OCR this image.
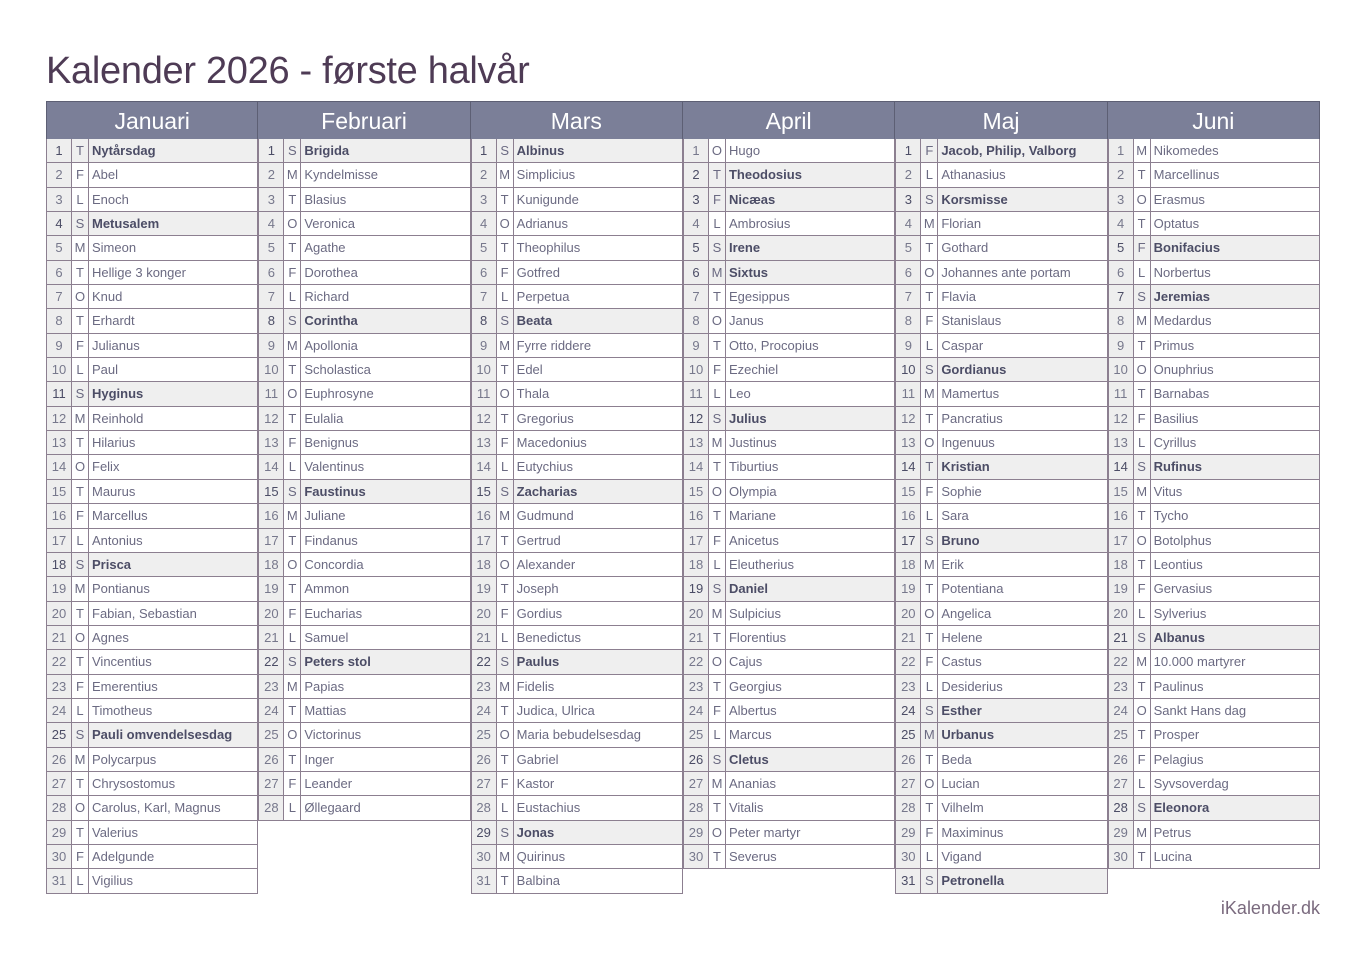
Kalender 2026 - første halvår
Januari
1	T Nytårsdag
2	F Abel
3	L Enoch
4	S Metusalem
5 M Simeon
6	T Hellige 3 konger
7 O Knud
8	T Erhardt
9	F Julianus
10 L Paul
11 S Hyginus
12 M Reinhold
13 T Hilarius
14 O Felix
15 T Maurus
16 F Marcellus
17 L Antonius
18 S Prisca
19 M Pontianus
20 T Fabian, Sebastian
21 O Agnes
22 T Vincentius
23 F Emerentius
24 L Timotheus
25 S Pauli omvendelsesdag
26 M Polycarpus
27 T Chrysostomus
28 O Carolus, Karl, Magnus
29 T Valerius
30 F Adelgunde
31 L Vigilius
Februari
1	S Brigida
2 M Kyndelmisse
3	T Blasius
4 O Veronica
5	T Agathe
6	F Dorothea
7	L Richard
8	S Corintha
9 M Apollonia
10 T Scholastica
11 O Euphrosyne
12 T Eulalia
13 F Benignus
14 L Valentinus
15 S Faustinus
16 M Juliane
17 T Findanus
18 O Concordia
19 T Ammon
20 F Eucharias
21 L Samuel
22 S Peters stol
23 M Papias
24 T Mattias
25 O Victorinus
26 T Inger
27 F Leander
28 L Øllegaard
Mars
1	S Albinus
2 M Simplicius
3	T Kunigunde
4 O Adrianus
5	T Theophilus
6	F Gotfred
7	L Perpetua
8	S Beata
9 M Fyrre riddere
10 T Edel
11 O Thala
12 T Gregorius
13 F Macedonius
14 L Eutychius
15 S Zacharias
16 M Gudmund
17 T Gertrud
18 O Alexander
19 T Joseph
20 F Gordius
21 L Benedictus
22 S Paulus
23 M Fidelis
24 T Judica, Ulrica
25 O Maria bebudelsesdag
26 T Gabriel
27 F Kastor
28 L Eustachius
29 S Jonas
30 M Quirinus
31 T Balbina
April
1 O Hugo
2	T Theodosius
3	F Nicæas
4	L Ambrosius
5	S Irene
6 M Sixtus
7	T Egesippus
8 O Janus
9	T Otto, Procopius
10 F Ezechiel
11 L Leo
12 S Julius
13 M Justinus
14 T Tiburtius
15 O Olympia
16 T Mariane
17 F Anicetus
18 L Eleutherius
19 S Daniel
20 M Sulpicius
21 T Florentius
22 O Cajus
23 T Georgius
24 F Albertus
25 L Marcus
26 S Cletus
27 M Ananias
28 T Vitalis
29 O Peter martyr
30 T Severus
Maj
1	F Jacob, Philip, Valborg
2	L Athanasius
3	S Korsmisse
4 M Florian
5	T Gothard
6 O Johannes ante portam
7	T Flavia
8	F Stanislaus
9	L Caspar
10 S Gordianus
11 M Mamertus
12 T Pancratius
13 O Ingenuus
14 T Kristian
15 F Sophie
16 L Sara
17 S Bruno
18 M Erik
19 T Potentiana
20 O Angelica
21 T Helene
22 F Castus
23 L Desiderius
24 S Esther
25 M Urbanus
26 T Beda
27 O Lucian
28 T Vilhelm
29 F Maximinus
30 L Vigand
31 S Petronella
Juni
1 M Nikomedes
2	T Marcellinus
3 O Erasmus
4	T Optatus
5	F Bonifacius
6	L Norbertus
7	S Jeremias
8 M Medardus
9	T Primus
10 O Onuphrius
11 T Barnabas
12 F Basilius
13 L Cyrillus
14 S Rufinus
15 M Vitus
16 T Tycho
17 O Botolphus
18 T Leontius
19 F Gervasius
20 L Sylverius
21 S Albanus
22 M 10.000 martyrer
23 T Paulinus
24 O Sankt Hans dag
25 T Prosper
26 F Pelagius
27 L Syvsoverdag
28 S Eleonora
29 M Petrus
30 T Lucina
iKalender.dk
